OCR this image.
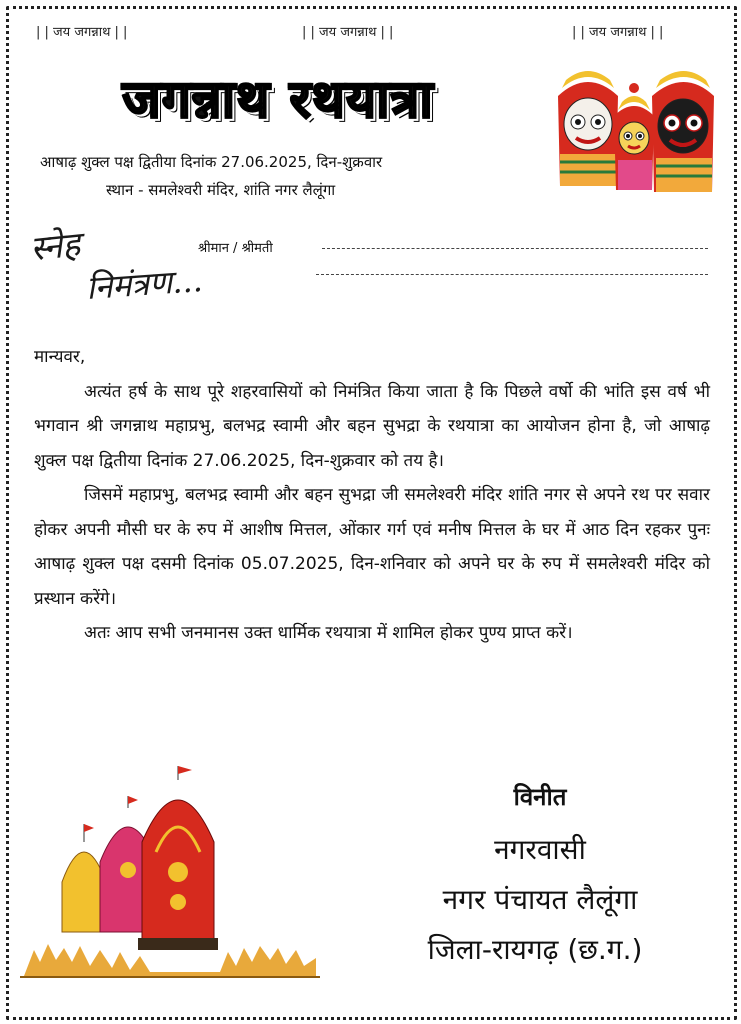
| | जय जगन्नाथ | |	| | जय जगन्नाथ | |	| | जय जगन्नाथ | |
जगन्नाथ रथयात्रा
आषाढ़ शुक्ल पक्ष द्वितीया दिनांक 27.06.2025, दिन-शुक्रवार
स्थान - समलेश्वरी मंदिर, शांति नगर लैलूंगा
स्नेह
निमंत्रण...
श्रीमान / श्रीमती

मान्यवर,

अत्यंत हर्ष के साथ पूरे शहरवासियों को निमंत्रित किया जाता है कि पिछले वर्षो की भांति इस वर्ष भी भगवान श्री जगन्नाथ महाप्रभु, बलभद्र स्वामी और बहन सुभद्रा के रथयात्रा का आयोजन होना है, जो आषाढ़ शुक्ल पक्ष द्वितीया दिनांक 27.06.2025, दिन-शुक्रवार को तय है।

जिसमें महाप्रभु, बलभद्र स्वामी और बहन सुभद्रा जी समलेश्वरी मंदिर शांति नगर से अपने रथ पर सवार होकर अपनी मौसी घर के रुप में आशीष मित्तल, ओंकार गर्ग एवं मनीष मित्तल के घर में आठ दिन रहकर पुनः आषाढ़ शुक्ल पक्ष दसमी दिनांक 05.07.2025, दिन-शनिवार को अपने घर के रुप में समलेश्वरी मंदिर को प्रस्थान करेंगे।

अतः आप सभी जनमानस उक्त धार्मिक रथयात्रा में शामिल होकर पुण्य प्राप्त करें।

विनीत
नगरवासी
नगर पंचायत लैलूंगा
जिला-रायगढ़ (छ.ग.)
